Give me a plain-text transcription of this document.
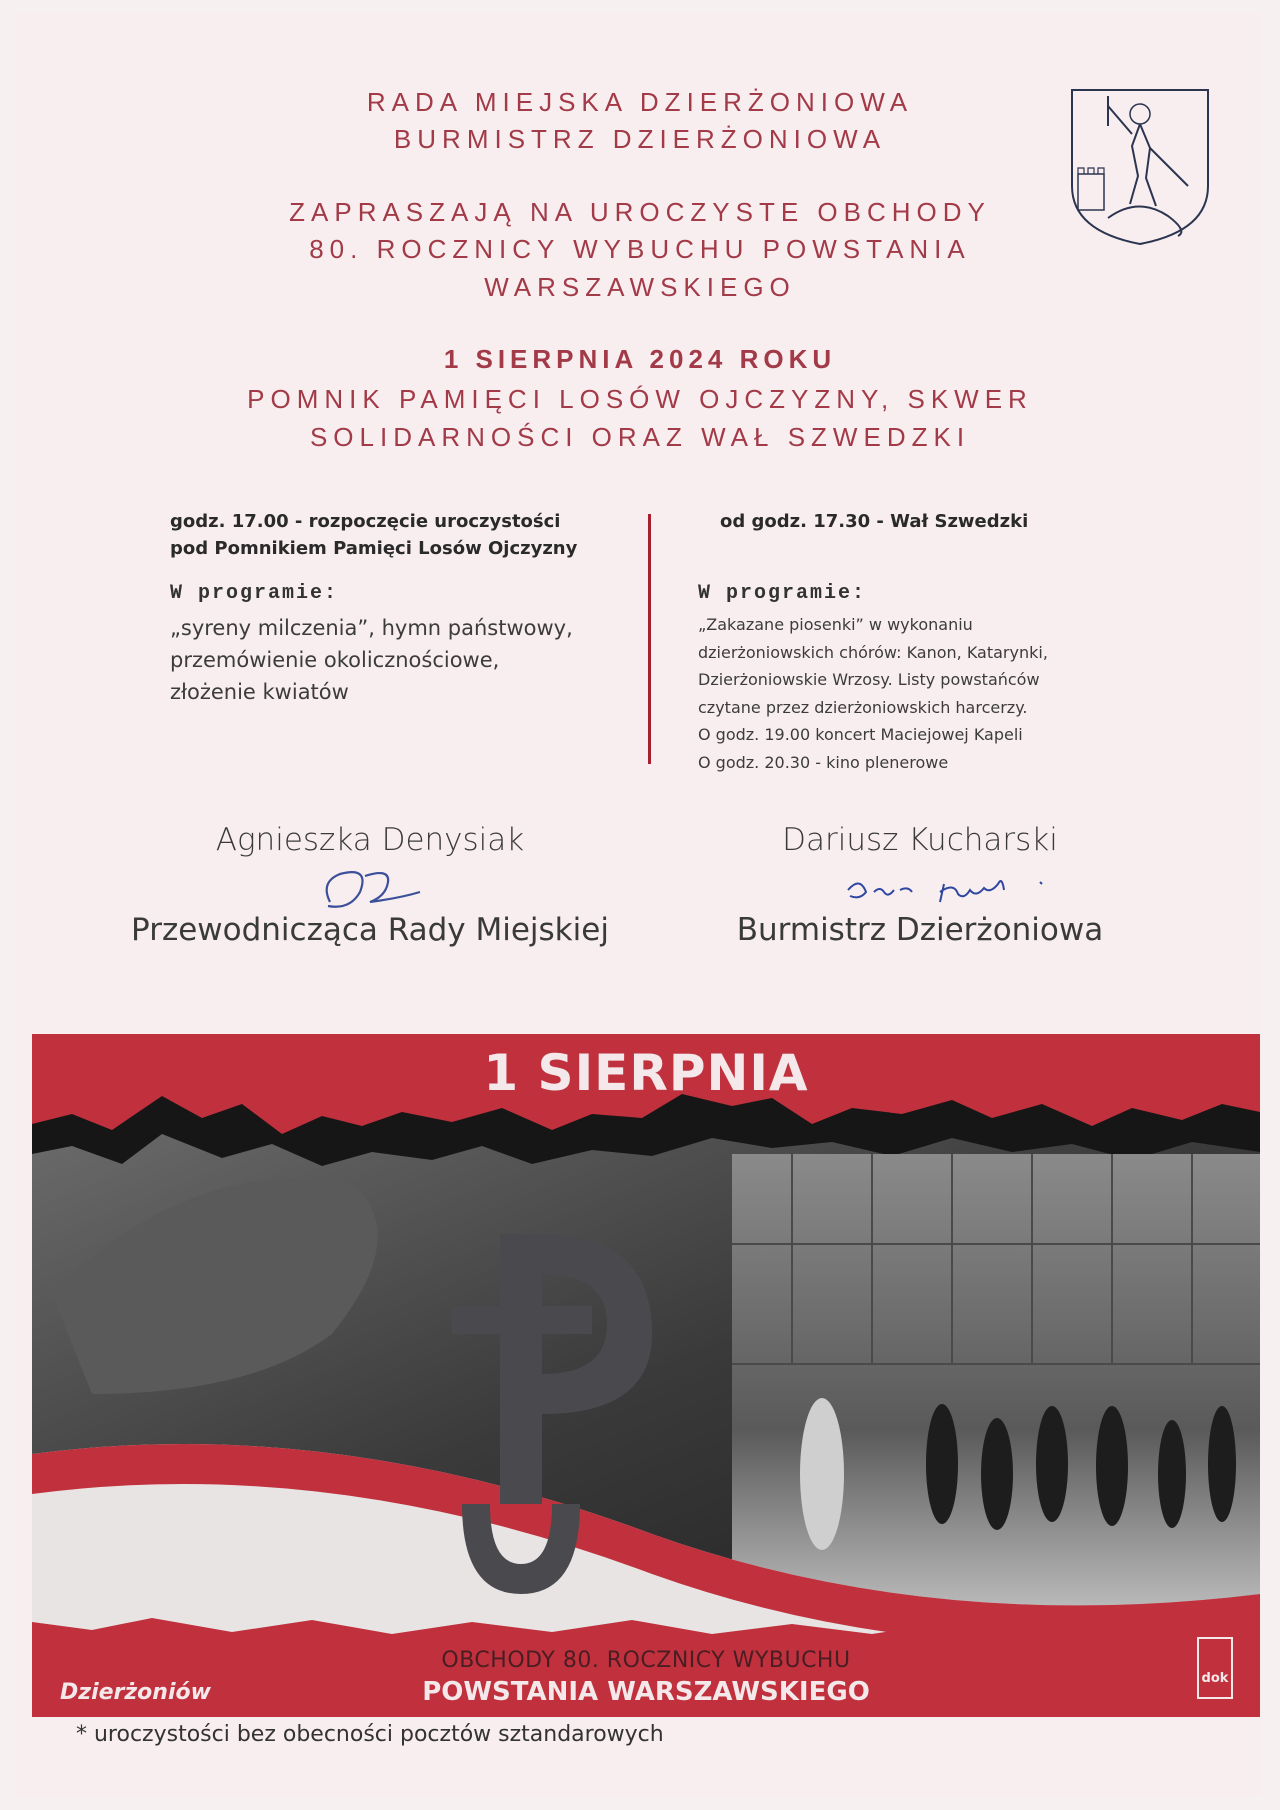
RADA MIEJSKA DZIERŻONIOWA
BURMISTRZ DZIERŻONIOWA
ZAPRASZAJĄ NA UROCZYSTE OBCHODY
80. ROCZNICY WYBUCHU POWSTANIA
WARSZAWSKIEGO
1 SIERPNIA 2024 ROKU
POMNIK PAMIĘCI LOSÓW OJCZYZNY, SKWER
SOLIDARNOŚCI ORAZ WAŁ SZWEDZKI
godz. 17.00 - rozpoczęcie uroczystości
pod Pomnikiem Pamięci Losów Ojczyzny
W programie:
„syreny milczenia”, hymn państwowy,
przemówienie okolicznościowe,
złożenie kwiatów
od godz. 17.30 - Wał Szwedzki
W programie:
„Zakazane piosenki” w wykonaniu
dzierżoniowskich chórów: Kanon, Katarynki,
Dzierżoniowskie Wrzosy. Listy powstańców
czytane przez dzierżoniowskich harcerzy.
O godz. 19.00 koncert Maciejowej Kapeli
O godz. 20.30 - kino plenerowe
Agnieszka Denysiak
Przewodnicząca Rady Miejskiej
Dariusz Kucharski
Burmistrz Dzierżoniowa
dok
1 SIERPNIA
OBCHODY 80. ROCZNICY WYBUCHU
POWSTANIA WARSZAWSKIEGO
Dzierżoniów
* uroczystości bez obecności pocztów sztandarowych
